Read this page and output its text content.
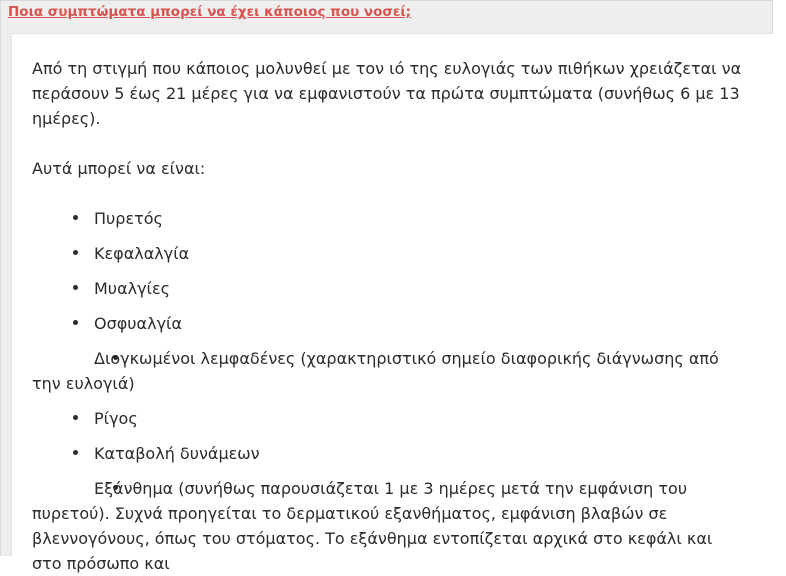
Ποια συμπτώματα μπορεί να έχει κάποιος που νοσεί;

Από τη στιγμή που κάποιος μολυνθεί με τον ιό της ευλογιάς των πιθήκων χρειάζεται να περάσουν 5 έως 21 μέρες για να εμφανιστούν τα πρώτα συμπτώματα (συνήθως 6 με 13 ημέρες).

Αυτά μπορεί να είναι:

Πυρετός
Κεφαλαλγία
Μυαλγίες
Οσφυαλγία
Διογκωμένοι λεμφαδένες (χαρακτηριστικό σημείο διαφορικής διάγνωσης από την ευλογιά)
Ρίγος
Καταβολή δυνάμεων
Εξάνθημα (συνήθως παρουσιάζεται 1 με 3 ημέρες μετά την εμφάνιση του πυρετού). Συχνά προηγείται το δερματικού εξανθήματος, εμφάνιση βλαβών σε βλεννογόνους, όπως του στόματος. Το εξάνθημα εντοπίζεται αρχικά στο κεφάλι και στο πρόσωπο και
